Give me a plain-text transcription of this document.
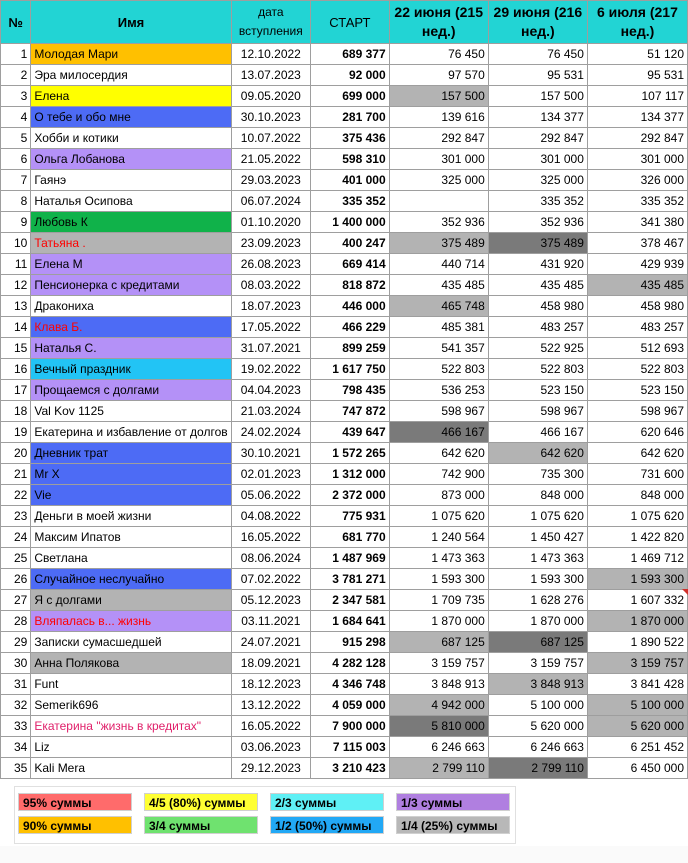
№	Имя	дата вступления	СТАРТ	22 июня (215 нед.)	29 июня (216 нед.)	6 июля (217 нед.)
1	Молодая Мари	12.10.2022	689 377	76 450	76 450	51 120
2	Эра милосердия	13.07.2023	92 000	97 570	95 531	95 531
3	Елена	09.05.2020	699 000	157 500	157 500	107 117
4	О тебе и обо мне	30.10.2023	281 700	139 616	134 377	134 377
5	Хобби и котики	10.07.2022	375 436	292 847	292 847	292 847
6	Ольга Лобанова	21.05.2022	598 310	301 000	301 000	301 000
7	Гаянэ	29.03.2023	401 000	325 000	325 000	326 000
8	Наталья Осипова	06.07.2024	335 352		335 352	335 352
9	Любовь К	01.10.2020	1 400 000	352 936	352 936	341 380
10	Татьяна .	23.09.2023	400 247	375 489	375 489	378 467
11	Елена М	26.08.2023	669 414	440 714	431 920	429 939
12	Пенсионерка с кредитами	08.03.2022	818 872	435 485	435 485	435 485
13	Дракониха	18.07.2023	446 000	465 748	458 980	458 980
14	Клава Б.	17.05.2022	466 229	485 381	483 257	483 257
15	Наталья С.	31.07.2021	899 259	541 357	522 925	512 693
16	Вечный праздник	19.02.2022	1 617 750	522 803	522 803	522 803
17	Прощаемся с долгами	04.04.2023	798 435	536 253	523 150	523 150
18	Val Kov 1125	21.03.2024	747 872	598 967	598 967	598 967
19	Екатерина и избавление от долгов	24.02.2024	439 647	466 167	466 167	620 646
20	Дневник трат	30.10.2021	1 572 265	642 620	642 620	642 620
21	Mr X	02.01.2023	1 312 000	742 900	735 300	731 600
22	Vie	05.06.2022	2 372 000	873 000	848 000	848 000
23	Деньги в моей жизни	04.08.2022	775 931	1 075 620	1 075 620	1 075 620
24	Максим Ипатов	16.05.2022	681 770	1 240 564	1 450 427	1 422 820
25	Светлана	08.06.2024	1 487 969	1 473 363	1 473 363	1 469 712
26	Случайное неслучайно	07.02.2022	3 781 271	1 593 300	1 593 300	1 593 300
27	Я с долгами	05.12.2023	2 347 581	1 709 735	1 628 276	1 607 332
28	Вляпалась в... жизнь	03.11.2021	1 684 641	1 870 000	1 870 000	1 870 000
29	Записки сумасшедшей	24.07.2021	915 298	687 125	687 125	1 890 522
30	Анна Полякова	18.09.2021	4 282 128	3 159 757	3 159 757	3 159 757
31	Funt	18.12.2023	4 346 748	3 848 913	3 848 913	3 841 428
32	Semerik696	13.12.2022	4 059 000	4 942 000	5 100 000	5 100 000
33	Екатерина "жизнь в кредитах"	16.05.2022	7 900 000	5 810 000	5 620 000	5 620 000
34	Liz	03.06.2023	7 115 003	6 246 663	6 246 663	6 251 452
35	Kali Mera	29.12.2023	3 210 423	2 799 110	2 799 110	6 450 000
95% суммы
90% суммы
4/5 (80%) суммы
3/4 суммы
2/3 суммы
1/2 (50%) суммы
1/3 суммы
1/4 (25%) суммы
